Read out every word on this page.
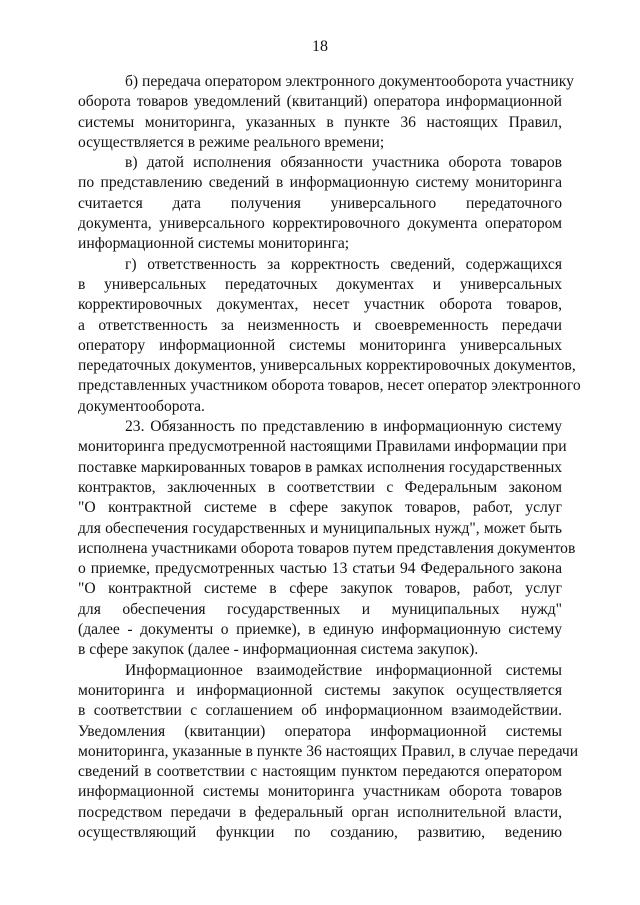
18
б) передача оператором электронного документооборота участнику
оборота товаров уведомлений (квитанций) оператора информационной
системы мониторинга, указанных в пункте 36 настоящих Правил,
осуществляется в режиме реального времени;
в) датой исполнения обязанности участника оборота товаров
по представлению сведений в информационную систему мониторинга
считается дата получения универсального передаточного
документа, универсального корректировочного документа оператором
информационной системы мониторинга;
г) ответственность за корректность сведений, содержащихся
в универсальных передаточных документах и универсальных
корректировочных документах, несет участник оборота товаров,
а ответственность за неизменность и своевременность передачи
оператору информационной системы мониторинга универсальных
передаточных документов, универсальных корректировочных документов,
представленных участником оборота товаров, несет оператор электронного
документооборота.
23. Обязанность по представлению в информационную систему
мониторинга предусмотренной настоящими Правилами информации при
поставке маркированных товаров в рамках исполнения государственных
контрактов, заключенных в соответствии с Федеральным законом
"О контрактной системе в сфере закупок товаров, работ, услуг
для обеспечения государственных и муниципальных нужд", может быть
исполнена участниками оборота товаров путем представления документов
о приемке, предусмотренных частью 13 статьи 94 Федерального закона
"О контрактной системе в сфере закупок товаров, работ, услуг
для обеспечения государственных и муниципальных нужд"
(далее - документы о приемке), в единую информационную систему
в сфере закупок (далее - информационная система закупок).
Информационное взаимодействие информационной системы
мониторинга и информационной системы закупок осуществляется
в соответствии с соглашением об информационном взаимодействии.
Уведомления (квитанции) оператора информационной системы
мониторинга, указанные в пункте 36 настоящих Правил, в случае передачи
сведений в соответствии с настоящим пунктом передаются оператором
информационной системы мониторинга участникам оборота товаров
посредством передачи в федеральный орган исполнительной власти,
осуществляющий функции по созданию, развитию, ведению
